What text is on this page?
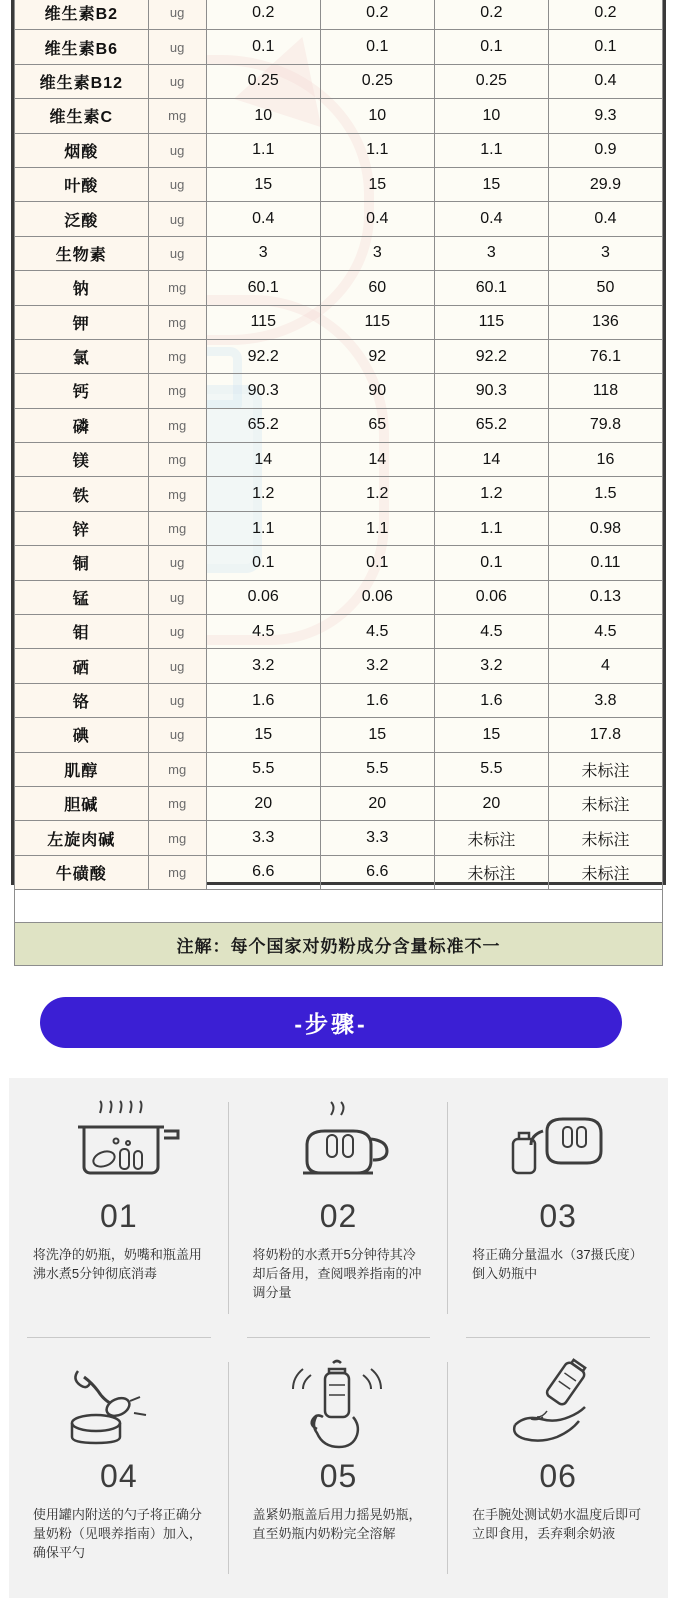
维生素B2	ug	0.2	0.2	0.2	0.2
维生素B6	ug	0.1	0.1	0.1	0.1
维生素B12	ug	0.25	0.25	0.25	0.4
维生素C	mg	10	10	10	9.3
烟酸	ug	1.1	1.1	1.1	0.9
叶酸	ug	15	15	15	29.9
泛酸	ug	0.4	0.4	0.4	0.4
生物素	ug	3	3	3	3
钠	mg	60.1	60	60.1	50
钾	mg	115	115	115	136
氯	mg	92.2	92	92.2	76.1
钙	mg	90.3	90	90.3	118
磷	mg	65.2	65	65.2	79.8
镁	mg	14	14	14	16
铁	mg	1.2	1.2	1.2	1.5
锌	mg	1.1	1.1	1.1	0.98
铜	ug	0.1	0.1	0.1	0.11
锰	ug	0.06	0.06	0.06	0.13
钼	ug	4.5	4.5	4.5	4.5
硒	ug	3.2	3.2	3.2	4
铬	ug	1.6	1.6	1.6	3.8
碘	ug	15	15	15	17.8
肌醇	mg	5.5	5.5	5.5	未标注
胆碱	mg	20	20	20	未标注
左旋肉碱	mg	3.3	3.3	未标注	未标注
牛磺酸	mg	6.6	6.6	未标注	未标注

注解：每个国家对奶粉成分含量标准不一					
-步骤-
01
将洗净的奶瓶，奶嘴和瓶盖用沸水煮5分钟彻底消毒
02
将奶粉的水煮开5分钟待其冷却后备用，查阅喂养指南的冲调分量
03
将正确分量温水（37摄氏度）倒入奶瓶中
04
使用罐内附送的勺子将正确分量奶粉（见喂养指南）加入，确保平勺
05
盖紧奶瓶盖后用力摇晃奶瓶，直至奶瓶内奶粉完全溶解
06
在手腕处测试奶水温度后即可立即食用，丢弃剩余奶液
